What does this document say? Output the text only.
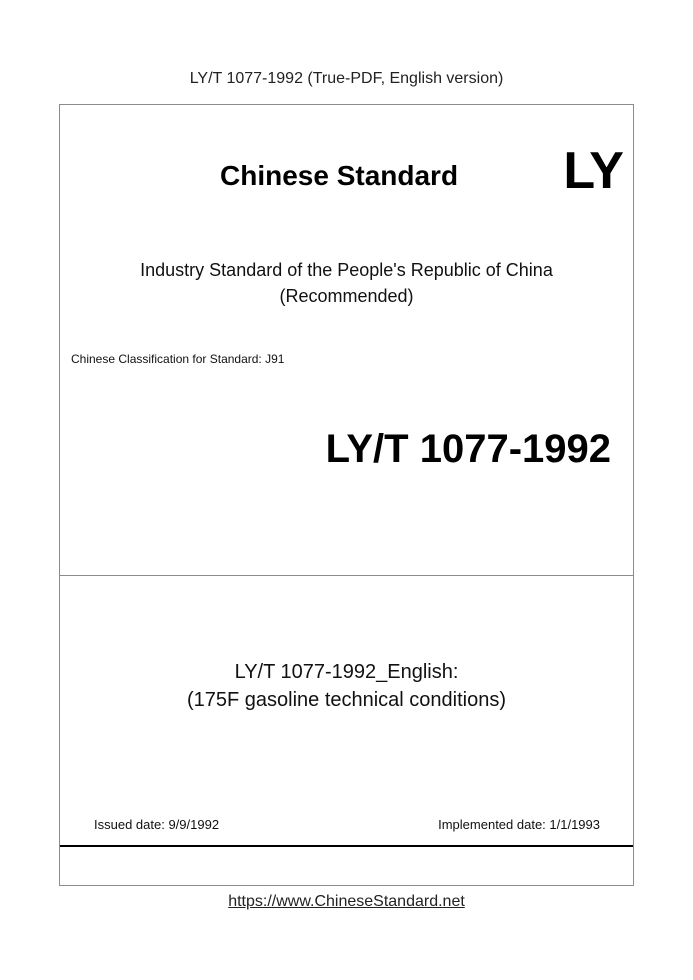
LY/T 1077-1992 (True-PDF, English version)
Chinese Standard LY
Industry Standard of the People's Republic of China
(Recommended)
Chinese Classification for Standard: J91
LY/T 1077-1992
LY/T 1077-1992_English:
(175F gasoline technical conditions)
Issued date: 9/9/1992	Implemented date: 1/1/1993
https://www.ChineseStandard.net
